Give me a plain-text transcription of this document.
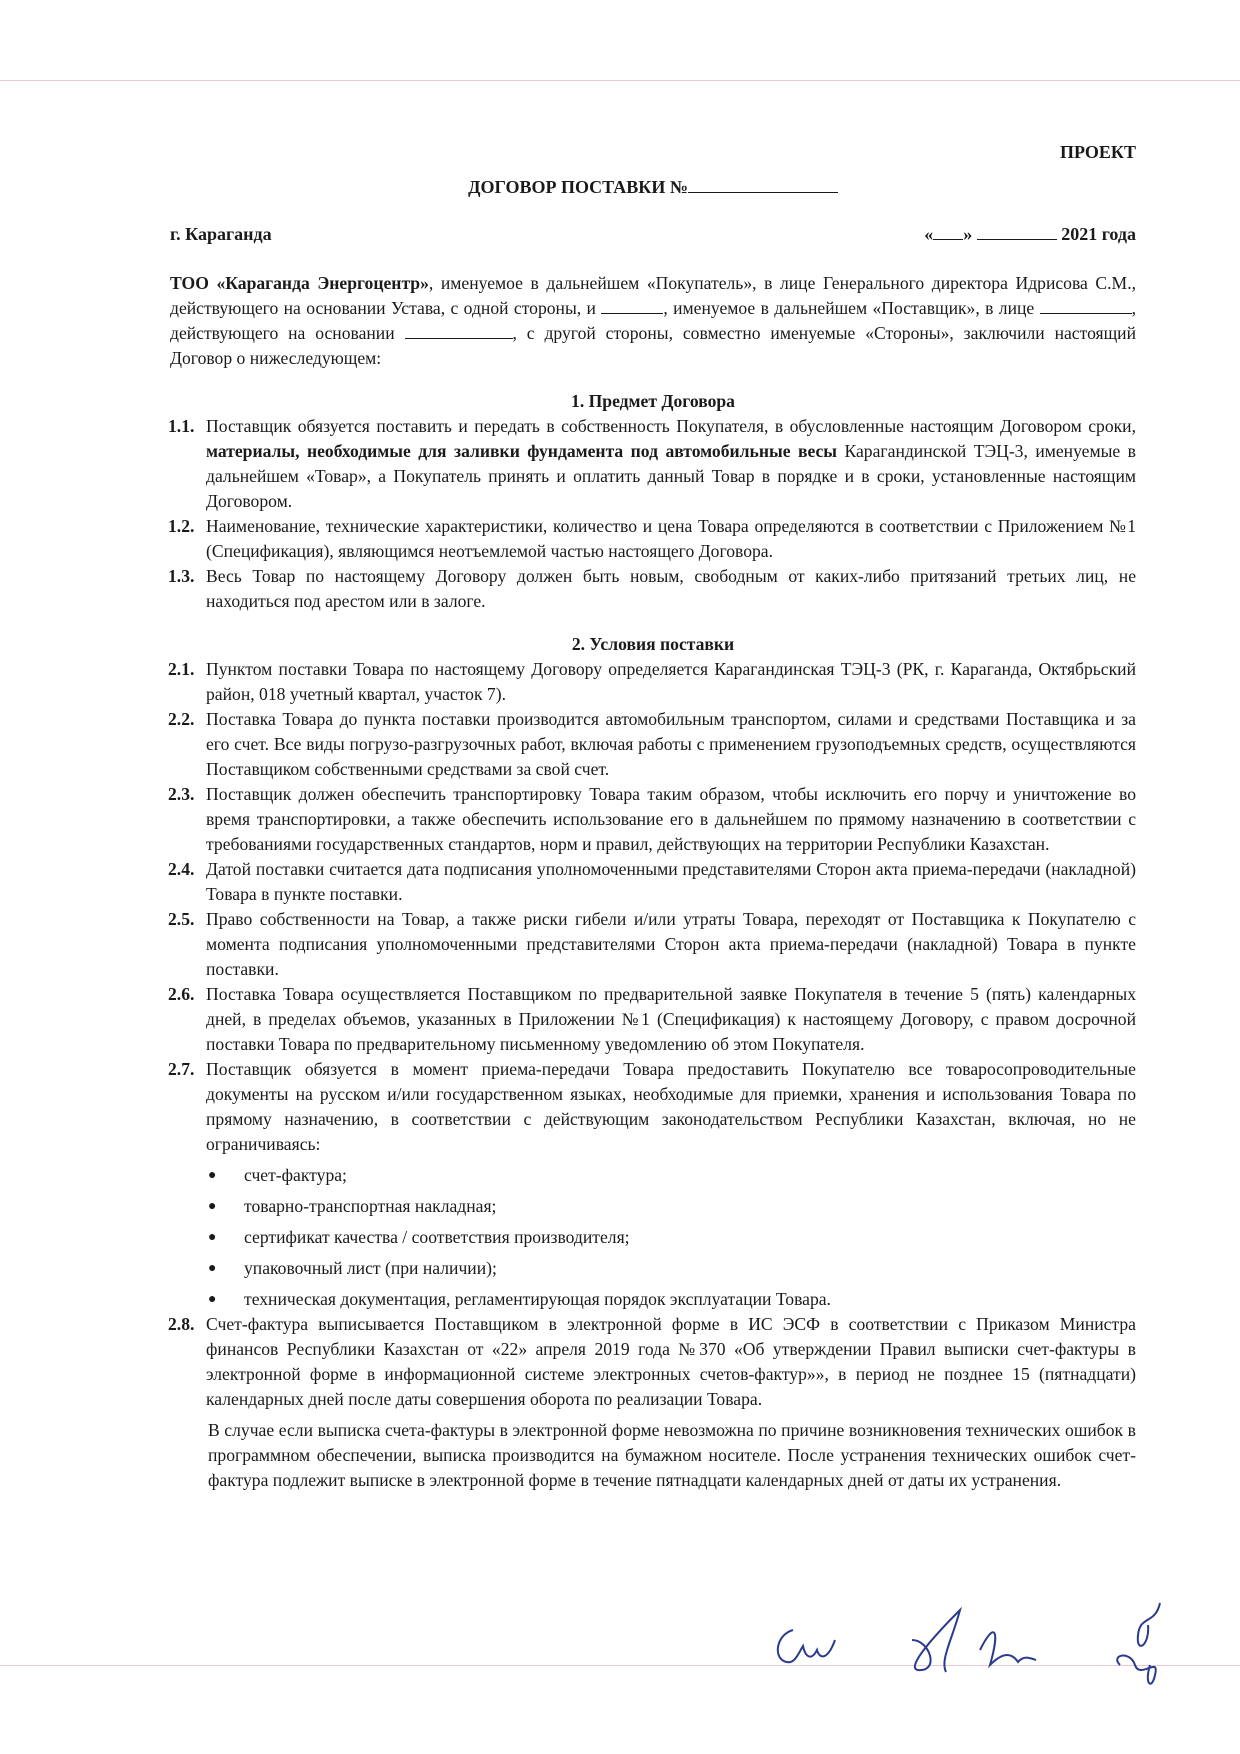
ПРОЕКТ
ДОГОВОР ПОСТАВКИ №
г. Караганда	« »	2021 года
ТОО «Караганда Энергоцентр», именуемое в дальнейшем «Покупатель», в лице Генерального директора Идрисова С.М., действующего на основании Устава, с одной стороны, и	, именуемое в дальнейшем «Поставщик», в лице	, действующего на основании	, с другой стороны, совместно именуемые «Стороны», заключили настоящий Договор о нижеследующем:
1. Предмет Договора
1.1. Поставщик обязуется поставить и передать в собственность Покупателя, в обусловленные настоящим Договором сроки, материалы, необходимые для заливки фундамента под автомобильные весы Карагандинской ТЭЦ-3, именуемые в дальнейшем «Товар», а Покупатель принять и оплатить данный Товар в порядке и в сроки, установленные настоящим Договором.
1.2. Наименование, технические характеристики, количество и цена Товара определяются в соответствии с Приложением №1 (Спецификация), являющимся неотъемлемой частью настоящего Договора.
1.3. Весь Товар по настоящему Договору должен быть новым, свободным от каких-либо притязаний третьих лиц, не находиться под арестом или в залоге.
2. Условия поставки
2.1. Пунктом поставки Товара по настоящему Договору определяется Карагандинская ТЭЦ-3 (РК, г. Караганда, Октябрьский район, 018 учетный квартал, участок 7).
2.2. Поставка Товара до пункта поставки производится автомобильным транспортом, силами и средствами Поставщика и за его счет. Все виды погрузо-разгрузочных работ, включая работы с применением грузоподъемных средств, осуществляются Поставщиком собственными средствами за свой счет.
2.3. Поставщик должен обеспечить транспортировку Товара таким образом, чтобы исключить его порчу и уничтожение во время транспортировки, а также обеспечить использование его в дальнейшем по прямому назначению в соответствии с требованиями государственных стандартов, норм и правил, действующих на территории Республики Казахстан.
2.4. Датой поставки считается дата подписания уполномоченными представителями Сторон акта приема-передачи (накладной) Товара в пункте поставки.
2.5. Право собственности на Товар, а также риски гибели и/или утраты Товара, переходят от Поставщика к Покупателю с момента подписания уполномоченными представителями Сторон акта приема-передачи (накладной) Товара в пункте поставки.
2.6. Поставка Товара осуществляется Поставщиком по предварительной заявке Покупателя в течение 5 (пять) календарных дней, в пределах объемов, указанных в Приложении №1 (Спецификация) к настоящему Договору, с правом досрочной поставки Товара по предварительному письменному уведомлению об этом Покупателя.
2.7. Поставщик обязуется в момент приема-передачи Товара предоставить Покупателю все товаросопроводительные документы на русском и/или государственном языках, необходимые для приемки, хранения и использования Товара по прямому назначению, в соответствии с действующим законодательством Республики Казахстан, включая, но не ограничиваясь:
●	счет-фактура;
●	товарно-транспортная накладная;
●	сертификат качества / соответствия производителя;
●	упаковочный лист (при наличии);
●	техническая документация, регламентирующая порядок эксплуатации Товара.
2.8. Счет-фактура выписывается Поставщиком в электронной форме в ИС ЭСФ в соответствии с Приказом Министра финансов Республики Казахстан от «22» апреля 2019 года №370 «Об утверждении Правил выписки счет-фактуры в электронной форме в информационной системе электронных счетов-фактур»», в период не позднее 15 (пятнадцати) календарных дней после даты совершения оборота по реализации Товара.
В случае если выписка счета-фактуры в электронной форме невозможна по причине возникновения технических ошибок в программном обеспечении, выписка производится на бумажном носителе. После устранения технических ошибок счет-фактура подлежит выписке в электронной форме в течение пятнадцати календарных дней от даты их устранения.
